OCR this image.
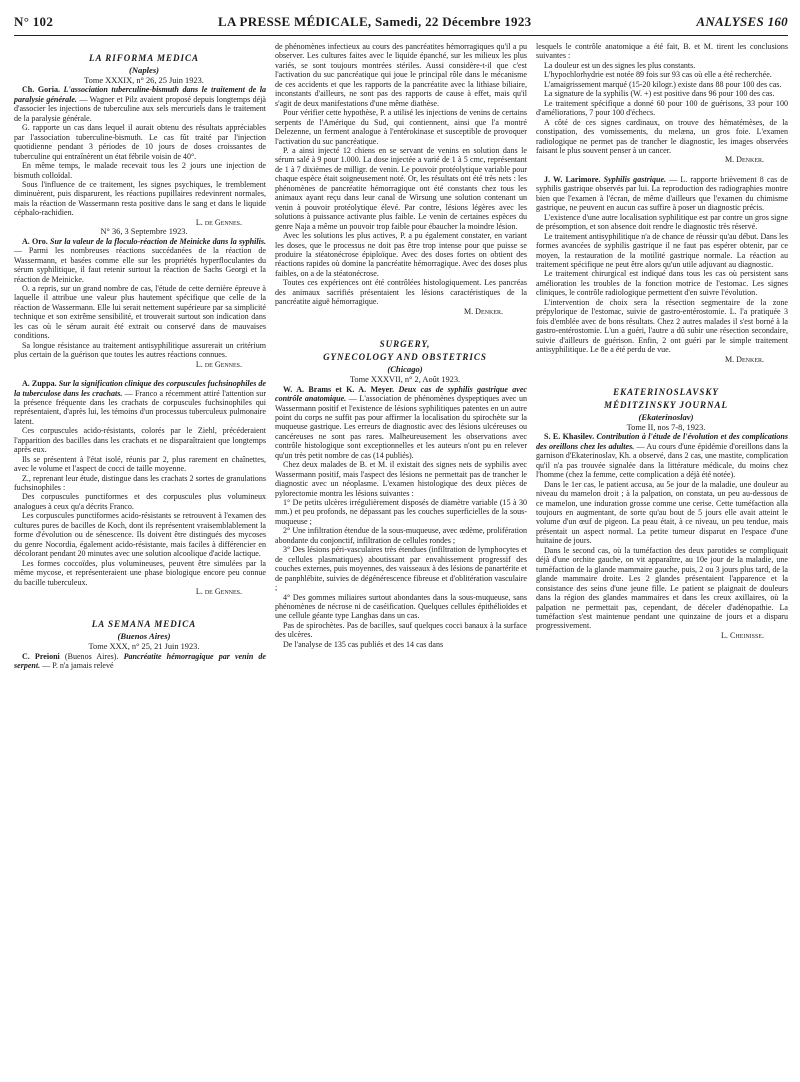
N° 102	LA PRESSE MÉDICALE, Samedi, 22 Décembre 1923	ANALYSES 160

LA RIFORMA MEDICA

(Naples)

Tome XXXIX, n° 26, 25 Juin 1923.

Ch. Goria. L'association tuberculine-bismuth dans le traitement de la paralysie générale. — Wagner et Pilz avaient proposé depuis longtemps déjà d'associer les injections de tuberculine aux sels mercuriels dans le traitement de la paralysie générale.

G. rapporte un cas dans lequel il aurait obtenu des résultats appréciables par l'association tuberculine-bismuth. Le cas fût traité par l'injection quotidienne pendant 3 périodes de 10 jours de doses croissantes de tuberculine qui entraînèrent un état fébrile voisin de 40°.

En même temps, le malade recevait tous les 2 jours une injection de bismuth colloïdal.

Sous l'influence de ce traitement, les signes psychiques, le tremblement diminuèrent, puis disparurent, les réactions pupillaires redevinrent normales, mais la réaction de Wassermann resta positive dans le sang et dans le liquide céphalo-rachidien.

L. de Gennes.

N° 36, 3 Septembre 1923.

A. Oro. Sur la valeur de la floculo-réaction de Meinicke dans la syphilis. — Parmi les nombreuses réactions succédanées de la réaction de Wassermann, et basées comme elle sur les propriétés hyperfloculantes du sérum syphilitique, il faut retenir surtout la réaction de Sachs Georgi et la réaction de Meinicke.

O. a repris, sur un grand nombre de cas, l'étude de cette dernière épreuve à laquelle il attribue une valeur plus hautement spécifique que celle de la réaction de Wassermann. Elle lui serait nettement supérieure par sa simplicité technique et son extrême sensibilité, et trouverait surtout son indication dans les cas où le sérum aurait été extrait ou conservé dans de mauvaises conditions.

Sa longue résistance au traitement antisyphilitique assurerait un critérium plus certain de la guérison que toutes les autres réactions connues.

L. de Gennes.

A. Zuppa. Sur la signification clinique des corpuscules fuchsinophiles de la tuberculose dans les crachats. — Franco a récemment attiré l'attention sur la présence fréquente dans les crachats de corpuscules fuchsinophiles qui représentaient, d'après lui, les témoins d'un processus tuberculeux pulmonaire latent.

Ces corpuscules acido-résistants, colorés par le Ziehl, précéderaient l'apparition des bacilles dans les crachats et ne disparaîtraient que longtemps après eux.

Ils se présentent à l'état isolé, réunis par 2, plus rarement en chaînettes, avec le volume et l'aspect de cocci de taille moyenne.

Z., reprenant leur étude, distingue dans les crachats 2 sortes de granulations fuchsinophiles :

Des corpuscules punctiformes et des corpuscules plus volumineux analogues à ceux qu'a décrits Franco.

Les corpuscules punctiformes acido-résistants se retrouvent à l'examen des cultures pures de bacilles de Koch, dont ils représentent vraisemblablement la forme d'évolution ou de sénescence. Ils doivent être distingués des mycoses du genre Nocordia, également acido-résistante, mais faciles à différencier en décolorant pendant 20 minutes avec une solution alcoolique d'acide lactique.

Les formes coccoïdes, plus volumineuses, peuvent être simulées par la même mycose, et représenteraient une phase biologique encore peu connue du bacille tuberculeux.

L. de Gennes.

LA SEMANA MEDICA

(Buenos Aires)

Tome XXX, n° 25, 21 Juin 1923.

C. Preioni (Buenos Aires). Pancréatite hémorragique par venin de serpent. — P. n'a jamais relevé

de phénomènes infectieux au cours des pancréatites hémorragiques qu'il a pu observer. Les cultures faites avec le liquide épanché, sur les milieux les plus variés, se sont toujours montrées stériles. Aussi considère-t-il que c'est l'activation du suc pancréatique qui joue le principal rôle dans le mécanisme de ces accidents et que les rapports de la pancréatite avec la lithiase biliaire, inconstants d'ailleurs, ne sont pas des rapports de cause à effet, mais qu'il s'agit de deux manifestations d'une même diathèse.

Pour vérifier cette hypothèse, P. a utilisé les injections de venins de certains serpents de l'Amérique du Sud, qui contiennent, ainsi que l'a montré Delezenne, un ferment analogue à l'entérokinase et susceptible de provoquer l'activation du suc pancréatique.

P. a ainsi injecté 12 chiens en se servant de venins en solution dans le sérum salé à 9 pour 1.000. La dose injectée a varié de 1 à 5 cmc, représentant de 1 à 7 dixièmes de milligr. de venin. Le pouvoir protéolytique variable pour chaque espèce était soigneusement noté. Or, les résultats ont été très nets : les phénomènes de pancréatite hémorragique ont été constants chez tous les animaux ayant reçu dans leur canal de Wirsung une solution contenant un venin à pouvoir protéolytique élevé. Par contre, lésions légères avec les solutions à puissance activante plus faible. Le venin de certaines espèces du genre Naja a même un pouvoir trop faible pour ébaucher la moindre lésion.

Avec les solutions les plus actives, P. a pu également constater, en variant les doses, que le processus ne doit pas être trop intense pour que puisse se produire la stéatonécrose épiploïque. Avec des doses fortes on obtient des réactions rapides où domine la pancréatite hémorragique. Avec des doses plus faibles, on a de la stéatonécrose.

Toutes ces expériences ont été contrôlées histologiquement. Les pancréas des animaux sacrifiés présentaient les lésions caractéristiques de la pancréatite aiguë hémorragique.

M. Denker.

SURGERY,

GYNECOLOGY AND OBSTETRICS

(Chicago)

Tome XXXVII, n° 2, Août 1923.

W. A. Brams et K. A. Meyer. Deux cas de syphilis gastrique avec contrôle anatomique. — L'association de phénomènes dyspeptiques avec un Wassermann positif et l'existence de lésions syphilitiques patentes en un autre point du corps ne suffit pas pour affirmer la localisation du spirochète sur la muqueuse gastrique. Les erreurs de diagnostic avec des lésions ulcéreuses ou cancéreuses ne sont pas rares. Malheureusement les observations avec contrôle histologique sont exceptionnelles et les auteurs n'ont pu en relever qu'un très petit nombre de cas (14 publiés).

Chez deux malades de B. et M. il existait des signes nets de syphilis avec Wassermann positif, mais l'aspect des lésions ne permettait pas de trancher le diagnostic avec un néoplasme. L'examen histologique des deux pièces de pylorectomie montra les lésions suivantes :

1° De petits ulcères irrégulièrement disposés de diamètre variable (15 à 30 mm.) et peu profonds, ne dépassant pas les couches superficielles de la sous-muqueuse ;

2° Une infiltration étendue de la sous-muqueuse, avec œdème, prolifération abondante du conjonctif, infiltration de cellules rondes ;

3° Des lésions péri-vasculaires très étendues (infiltration de lymphocytes et de cellules plasmatiques) aboutissant par envahissement progressif des couches externes, puis moyennes, des vaisseaux à des lésions de panartérite et de panphlébite, suivies de dégénérescence fibreuse et d'oblitération vasculaire ;

4° Des gommes miliaires surtout abondantes dans la sous-muqueuse, sans phénomènes de nécrose ni de caséification. Quelques cellules épithélioïdes et une cellule géante type Langhas dans un cas.

Pas de spirochètes. Pas de bacilles, sauf quelques cocci banaux à la surface des ulcères.

De l'analyse de 135 cas publiés et des 14 cas dans

lesquels le contrôle anatomique a été fait, B. et M. tirent les conclusions suivantes :

La douleur est un des signes les plus constants.

L'hypochlorhydrie est notée 89 fois sur 93 cas où elle a été recherchée.

L'amaigrissement marqué (15-20 kilogr.) existe dans 88 pour 100 des cas.

La signature de la syphilis (W. +) est positive dans 96 pour 100 des cas.

Le traitement spécifique a donné 60 pour 100 de guérisons, 33 pour 100 d'améliorations, 7 pour 100 d'échecs.

A côté de ces signes cardinaux, on trouve des hématémèses, de la constipation, des vomissements, du melæna, un gros foie. L'examen radiologique ne permet pas de trancher le diagnostic, les images observées faisant le plus souvent penser à un cancer.

M. Denker.

J. W. Larimore. Syphilis gastrique. — L. rapporte brièvement 8 cas de syphilis gastrique observés par lui. La reproduction des radiographies montre bien que l'examen à l'écran, de même d'ailleurs que l'examen du chimisme gastrique, ne peuvent en aucun cas suffire à poser un diagnostic précis.

L'existence d'une autre localisation syphilitique est par contre un gros signe de présomption, et son absence doit rendre le diagnostic très réservé.

Le traitement antisyphilitique n'a de chance de réussir qu'au début. Dans les formes avancées de syphilis gastrique il ne faut pas espérer obtenir, par ce moyen, la restauration de la motilité gastrique normale. La réaction au traitement spécifique ne peut être alors qu'un utile adjuvant au diagnostic.

Le traitement chirurgical est indiqué dans tous les cas où persistent sans amélioration les troubles de la fonction motrice de l'estomac. Les signes cliniques, le contrôle radiologique permettent d'en suivre l'évolution.

L'intervention de choix sera la résection segmentaire de la zone prépylorique de l'estomac, suivie de gastro-entérostomie. L. l'a pratiquée 3 fois d'emblée avec de bons résultats. Chez 2 autres malades il s'est borné à la gastro-entérostomie. L'un a guéri, l'autre a dû subir une résection secondaire, suivie d'ailleurs de guérison. Enfin, 2 ont guéri par le simple traitement antisyphilitique. Le 8e a été perdu de vue.

M. Denker.

EKATERINOSLAVSKY

MÉDITZINSKY JOURNAL

(Ekaterinoslav)

Tome II, nos 7-8, 1923.

S. E. Khasilev. Contribution à l'étude de l'évolution et des complications des oreillons chez les adultes. — Au cours d'une épidémie d'oreillons dans la garnison d'Ekaterinoslav, Kh. a observé, dans 2 cas, une mastite, complication qu'il n'a pas trouvée signalée dans la littérature médicale, du moins chez l'homme (chez la femme, cette complication a déjà été notée).

Dans le 1er cas, le patient accusa, au 5e jour de la maladie, une douleur au niveau du mamelon droit ; à la palpation, on constata, un peu au-dessous de ce mamelon, une induration grosse comme une cerise. Cette tuméfaction alla toujours en augmentant, de sorte qu'au bout de 5 jours elle avait atteint le volume d'un œuf de pigeon. La peau était, à ce niveau, un peu tendue, mais présentait un aspect normal. La petite tumeur disparut en l'espace d'une huitaine de jours.

Dans le second cas, où la tuméfaction des deux parotides se compliquait déjà d'une orchite gauche, on vit apparaître, au 10e jour de la maladie, une tuméfaction de la glande mammaire gauche, puis, 2 ou 3 jours plus tard, de la glande mammaire droite. Les 2 glandes présentaient l'apparence et la consistance des seins d'une jeune fille. Le patient se plaignait de douleurs dans la région des glandes mammaires et dans les creux axillaires, où la palpation ne permettait pas, cependant, de déceler d'adénopathie. La tuméfaction s'est maintenue pendant une quinzaine de jours et a disparu progressivement.

L. Cheinisse.
